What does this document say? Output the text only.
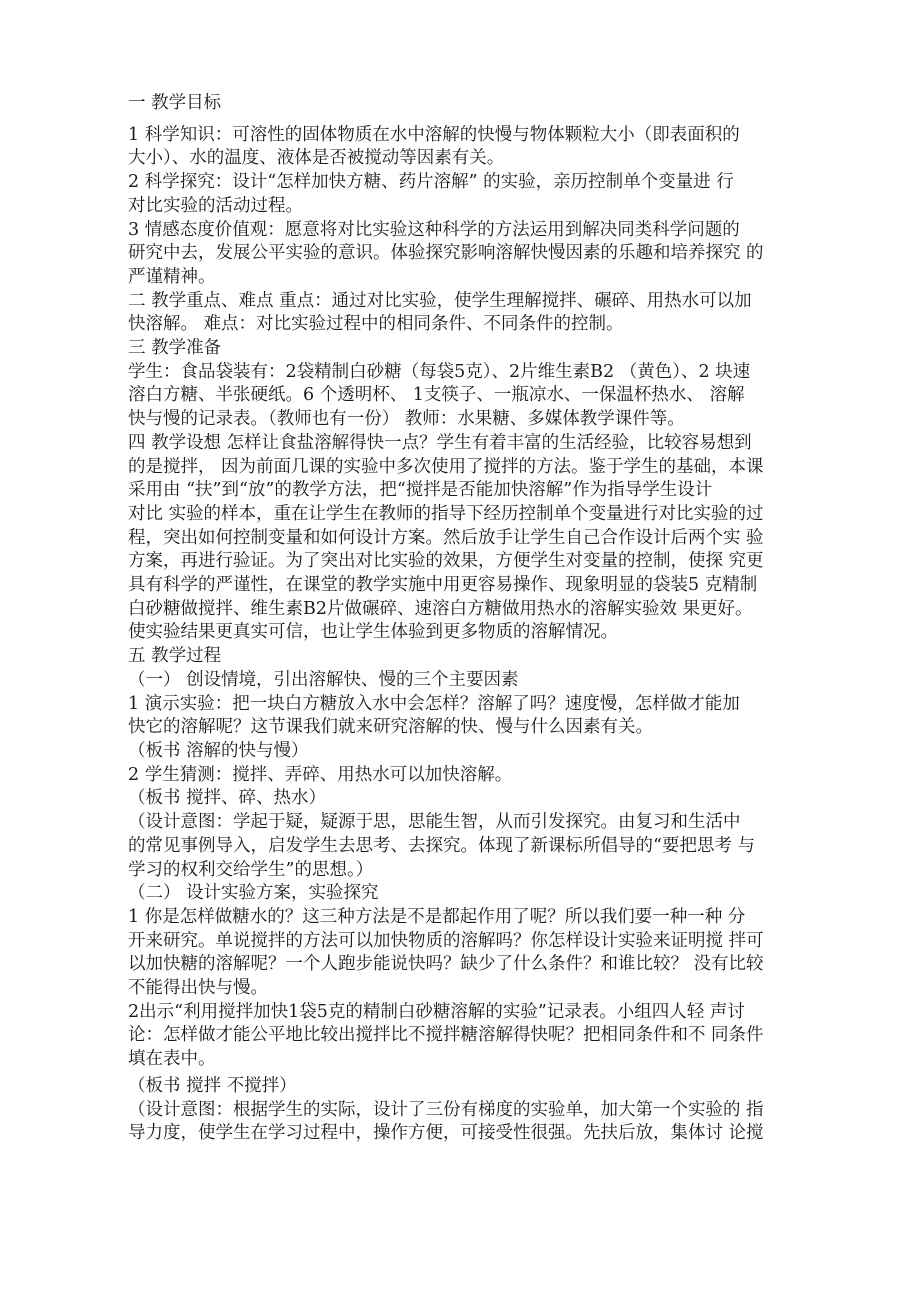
一 教学目标
1 科学知识：可溶性的固体物质在水中溶解的快慢与物体颗粒大小（即表面积的
大小）、水的温度、液体是否被搅动等因素有关。
2 科学探究：设计“怎样加快方糖、药片溶解” 的实验，亲历控制单个变量进 行
对比实验的活动过程。
3 情感态度价值观：愿意将对比实验这种科学的方法运用到解决同类科学问题的
研究中去，发展公平实验的意识。体验探究影响溶解快慢因素的乐趣和培养探究 的
严谨精神。
二 教学重点、难点 重点：通过对比实验，使学生理解搅拌、碾碎、用热水可以加
快溶解。 难点：对比实验过程中的相同条件、不同条件的控制。
三 教学准备
学生：食品袋装有：2袋精制白砂糖（每袋5克）、2片维生素B2 （黄色）、2 块速
溶白方糖、半张硬纸。6 个透明杯、 1支筷子、一瓶凉水、一保温杯热水、 溶解
快与慢的记录表。（教师也有一份） 教师：水果糖、多媒体教学课件等。
四 教学设想 怎样让食盐溶解得快一点？学生有着丰富的生活经验，比较容易想到
的是搅拌， 因为前面几课的实验中多次使用了搅拌的方法。鉴于学生的基础，本课
采用由 “扶”到“放”的教学方法，把“搅拌是否能加快溶解”作为指导学生设计
对比 实验的样本，重在让学生在教师的指导下经历控制单个变量进行对比实验的过
程，突出如何控制变量和如何设计方案。然后放手让学生自己合作设计后两个实 验
方案，再进行验证。为了突出对比实验的效果，方便学生对变量的控制，使探 究更
具有科学的严谨性，在课堂的教学实施中用更容易操作、现象明显的袋装5 克精制
白砂糖做搅拌、维生素B2片做碾碎、速溶白方糖做用热水的溶解实验效 果更好。
使实验结果更真实可信，也让学生体验到更多物质的溶解情况。
五 教学过程
（一） 创设情境，引出溶解快、慢的三个主要因素
1 演示实验：把一块白方糖放入水中会怎样？溶解了吗？速度慢，怎样做才能加
快它的溶解呢？这节课我们就来研究溶解的快、慢与什么因素有关。
（板书 溶解的快与慢）
2 学生猜测：搅拌、弄碎、用热水可以加快溶解。
（板书 搅拌、碎、热水）
（设计意图：学起于疑，疑源于思，思能生智，从而引发探究。由复习和生活中
的常见事例导入，启发学生去思考、去探究。体现了新课标所倡导的“要把思考 与
学习的权利交给学生”的思想。）
（二） 设计实验方案，实验探究
1 你是怎样做糖水的？这三种方法是不是都起作用了呢？所以我们要一种一种 分
开来研究。单说搅拌的方法可以加快物质的溶解吗？你怎样设计实验来证明搅 拌可
以加快糖的溶解呢？一个人跑步能说快吗？缺少了什么条件？和谁比较？ 没有比较
不能得出快与慢。
2出示“利用搅拌加快1袋5克的精制白砂糖溶解的实验”记录表。小组四人轻 声讨
论：怎样做才能公平地比较出搅拌比不搅拌糖溶解得快呢？把相同条件和不 同条件
填在表中。
（板书 搅拌 不搅拌）
（设计意图：根据学生的实际，设计了三份有梯度的实验单，加大第一个实验的 指
导力度，使学生在学习过程中，操作方便，可接受性很强。先扶后放，集体讨 论搅
